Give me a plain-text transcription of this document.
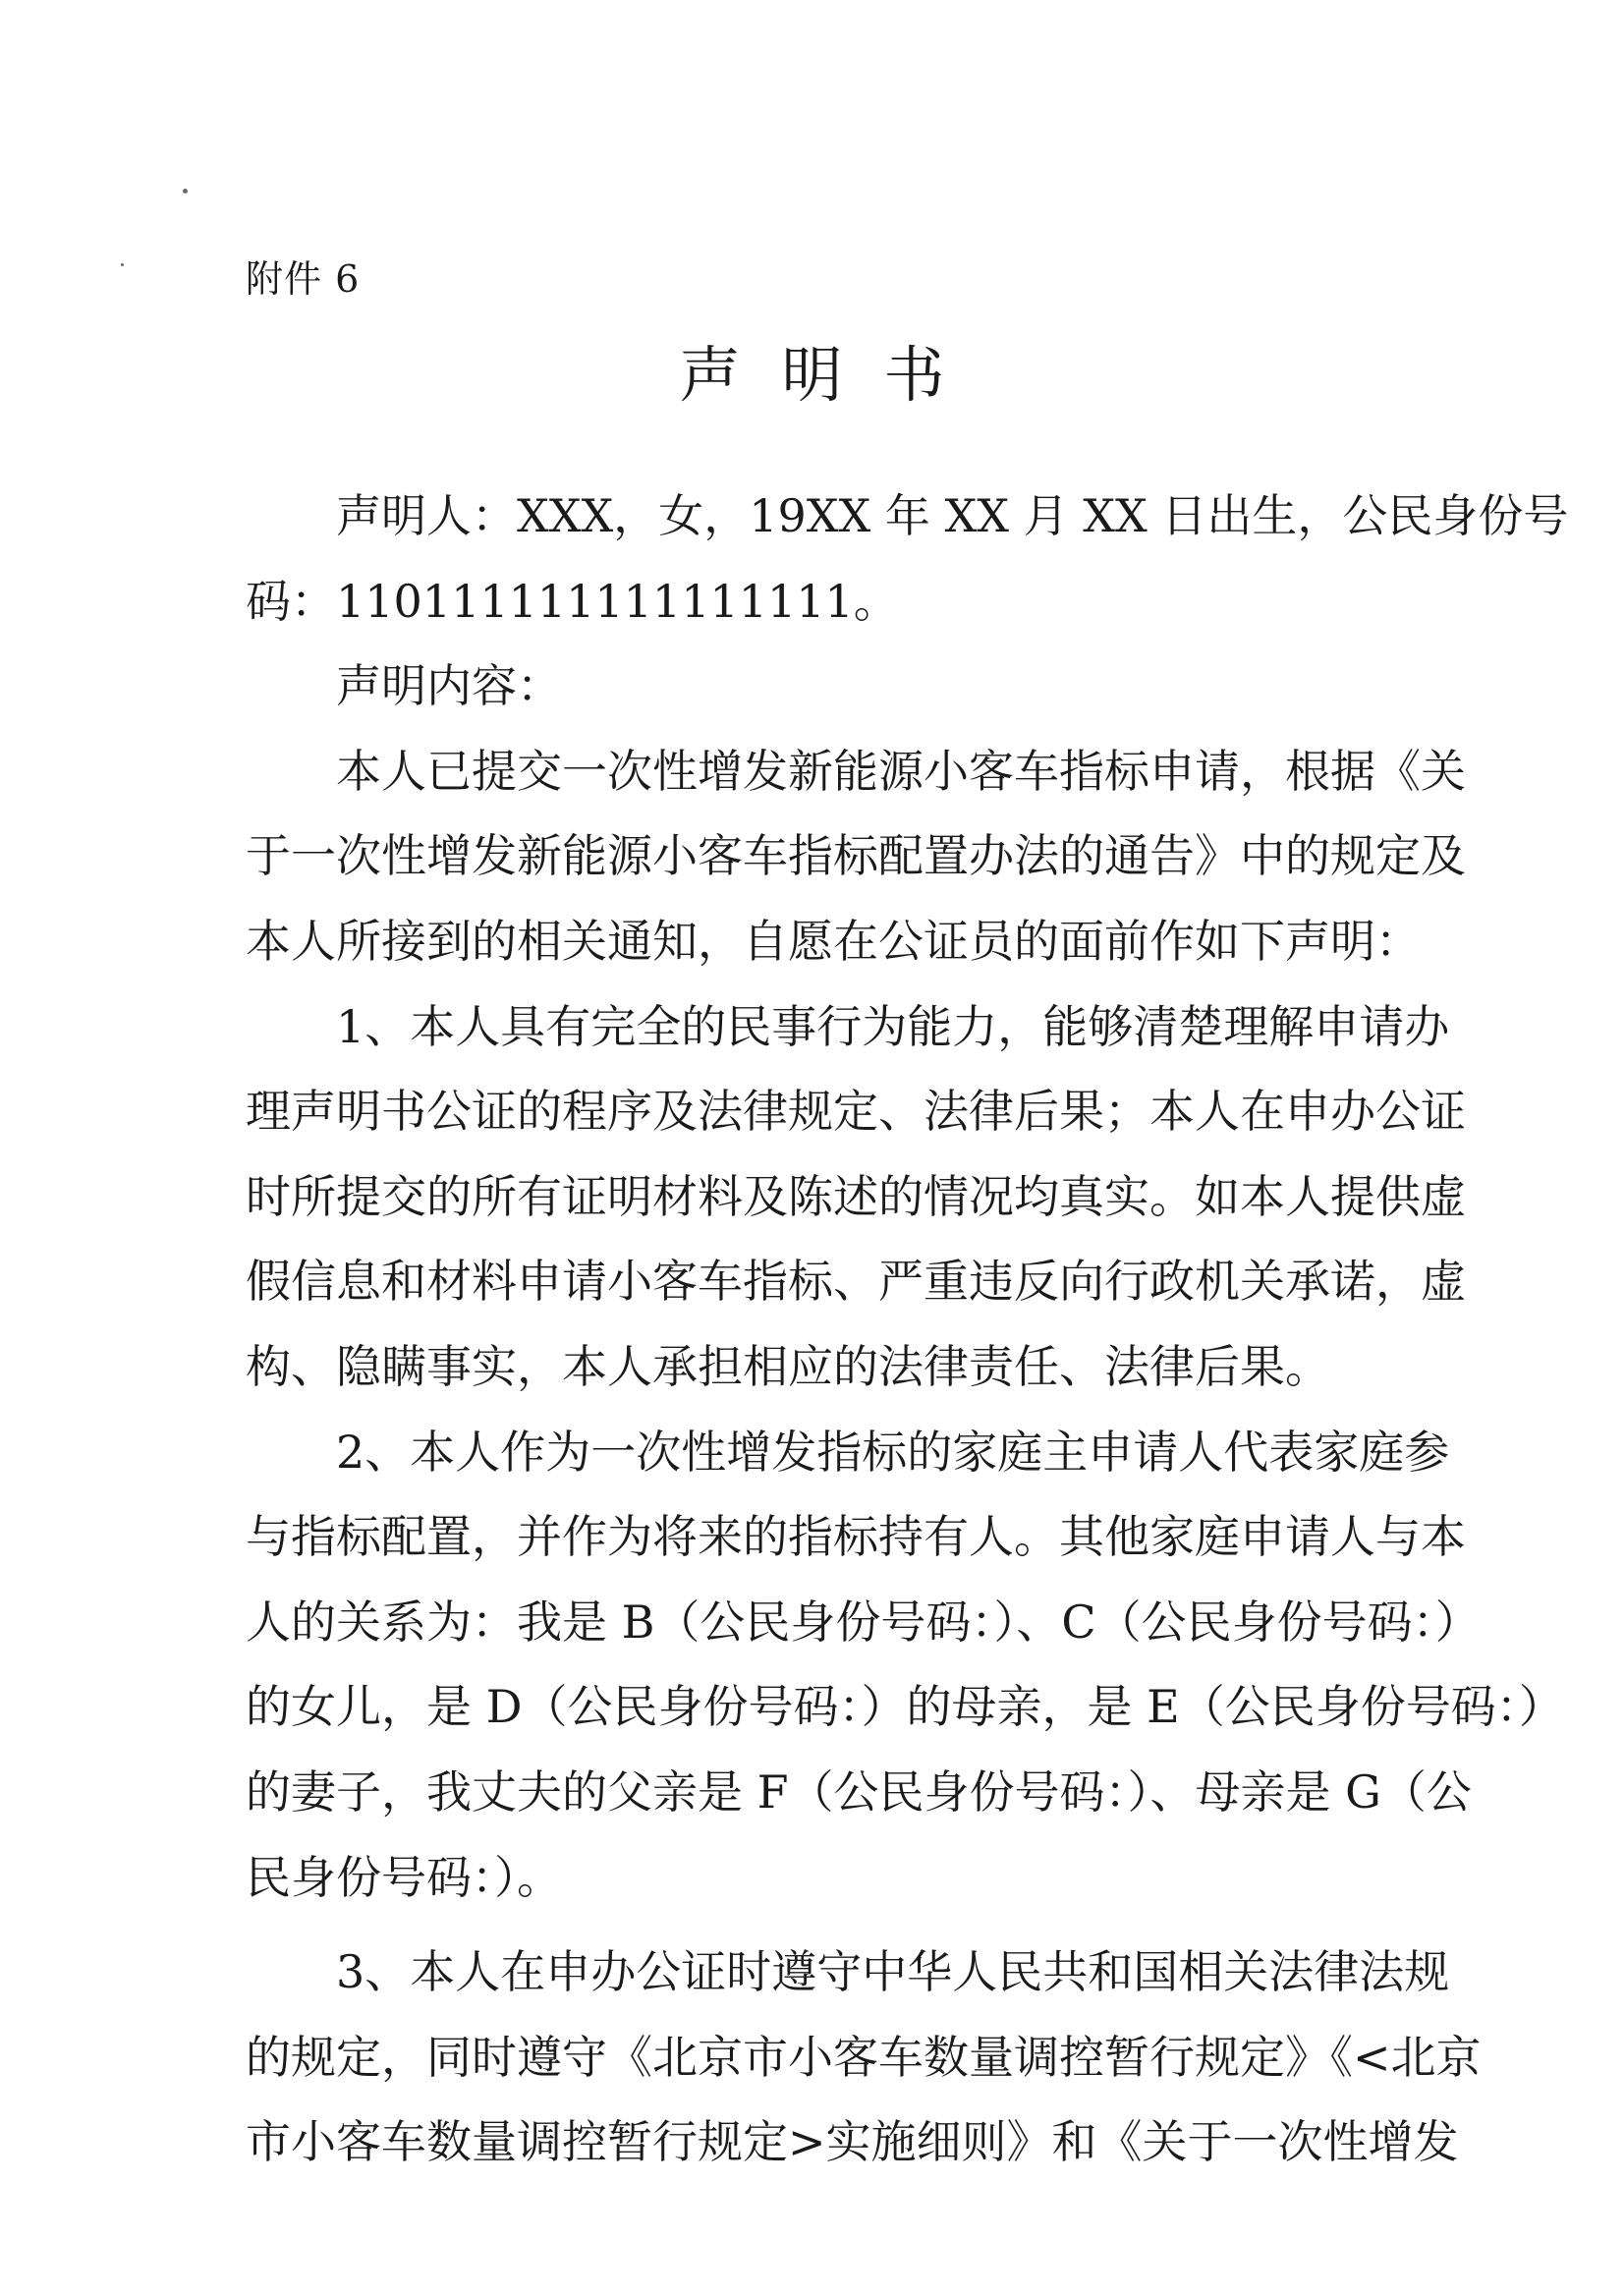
附件 6
声明书
声明人：XXX，女，19XX 年 XX 月 XX 日出生，公民身份号
码：110111111111111111。
声明内容：
本人已提交一次性增发新能源小客车指标申请，根据《关
于一次性增发新能源小客车指标配置办法的通告》中的规定及
本人所接到的相关通知，自愿在公证员的面前作如下声明：
1、本人具有完全的民事行为能力，能够清楚理解申请办
理声明书公证的程序及法律规定、法律后果；本人在申办公证
时所提交的所有证明材料及陈述的情况均真实。如本人提供虚
假信息和材料申请小客车指标、严重违反向行政机关承诺，虚
构、隐瞒事实，本人承担相应的法律责任、法律后果。
2、本人作为一次性增发指标的家庭主申请人代表家庭参
与指标配置，并作为将来的指标持有人。其他家庭申请人与本
人的关系为：我是 B（公民身份号码：）、C（公民身份号码：）
的女儿，是 D（公民身份号码：）的母亲，是 E（公民身份号码：）
的妻子，我丈夫的父亲是 F（公民身份号码：）、母亲是 G（公
民身份号码：）。
3、本人在申办公证时遵守中华人民共和国相关法律法规
的规定，同时遵守《北京市小客车数量调控暂行规定》《<北京
市小客车数量调控暂行规定>实施细则》和《关于一次性增发
